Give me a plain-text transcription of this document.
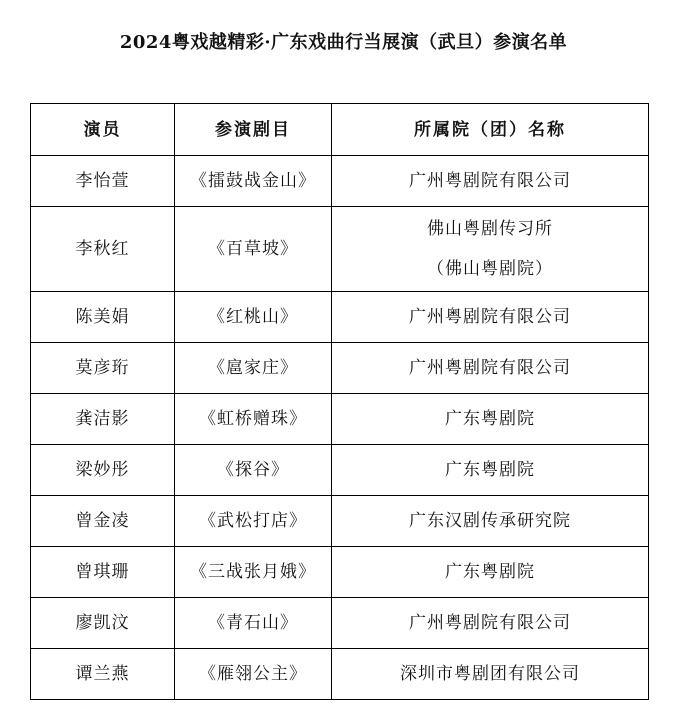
2024粤戏越精彩·广东戏曲行当展演（武旦）参演名单
演员	参演剧目	所属院（团）名称
李怡萱	《擂鼓战金山》	广州粤剧院有限公司

李秋红	《百草坡》	佛山粤剧传习所
（佛山粤剧院）

陈美娟	《红桃山》	广州粤剧院有限公司

莫彦珩	《扈家庄》	广州粤剧院有限公司

龚洁影	《虹桥赠珠》	广东粤剧院

梁妙彤	《探谷》	广东粤剧院

曾金凌	《武松打店》	广东汉剧传承研究院

曾琪珊	《三战张月娥》	广东粤剧院

廖凯汶	《青石山》	广州粤剧院有限公司

谭兰燕	《雁翎公主》	深圳市粤剧团有限公司
